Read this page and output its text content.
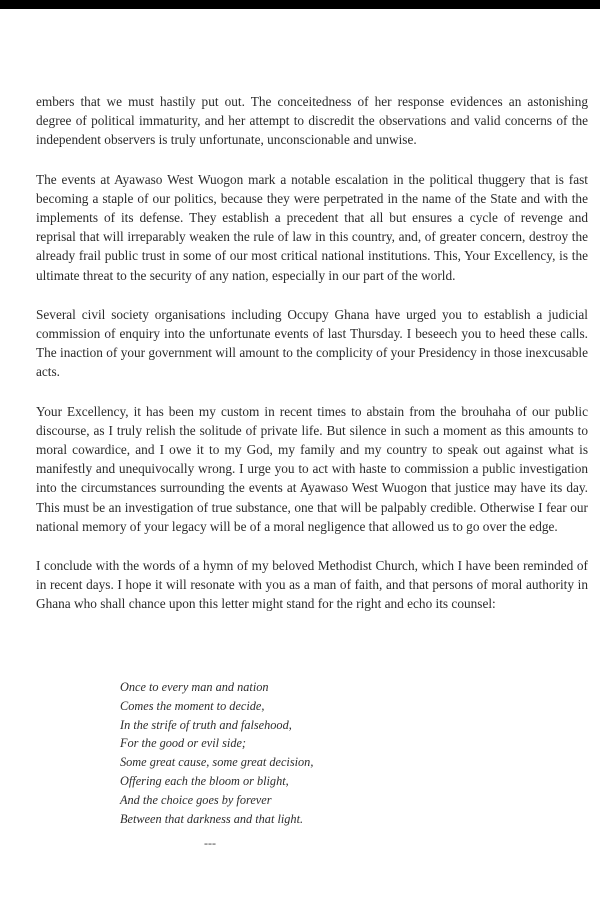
embers that we must hastily put out. The conceitedness of her response evidences an astonishing degree of political immaturity, and her attempt to discredit the observations and valid concerns of the independent observers is truly unfortunate, unconscionable and unwise.

The events at Ayawaso West Wuogon mark a notable escalation in the political thuggery that is fast becoming a staple of our politics, because they were perpetrated in the name of the State and with the implements of its defense. They establish a precedent that all but ensures a cycle of revenge and reprisal that will irreparably weaken the rule of law in this country, and, of greater concern, destroy the already frail public trust in some of our most critical national institutions. This, Your Excellency, is the ultimate threat to the security of any nation, especially in our part of the world.

Several civil society organisations including Occupy Ghana have urged you to establish a judicial commission of enquiry into the unfortunate events of last Thursday. I beseech you to heed these calls. The inaction of your government will amount to the complicity of your Presidency in those inexcusable acts.

Your Excellency, it has been my custom in recent times to abstain from the brouhaha of our public discourse, as I truly relish the solitude of private life. But silence in such a moment as this amounts to moral cowardice, and I owe it to my God, my family and my country to speak out against what is manifestly and unequivocally wrong. I urge you to act with haste to commission a public investigation into the circumstances surrounding the events at Ayawaso West Wuogon that justice may have its day. This must be an investigation of true substance, one that will be palpably credible. Otherwise I fear our national memory of your legacy will be of a moral negligence that allowed us to go over the edge.

I conclude with the words of a hymn of my beloved Methodist Church, which I have been reminded of in recent days. I hope it will resonate with you as a man of faith, and that persons of moral authority in Ghana who shall chance upon this letter might stand for the right and echo its counsel:

Once to every man and nation
Comes the moment to decide,
In the strife of truth and falsehood,
For the good or evil side;
Some great cause, some great decision,
Offering each the bloom or blight,
And the choice goes by forever
Between that darkness and that light.
---
